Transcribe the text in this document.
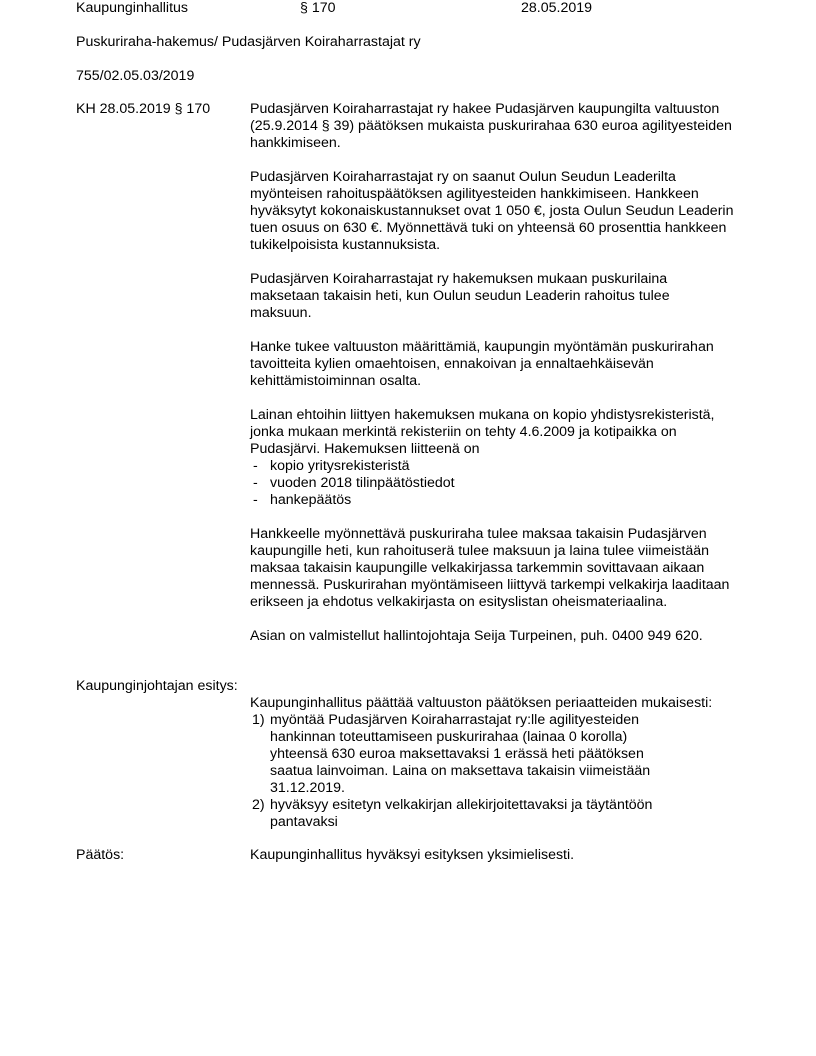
Kaupunginhallitus	§ 170	28.05.2019
Puskuriraha-hakemus/ Pudasjärven Koiraharrastajat ry
755/02.05.03/2019
KH 28.05.2019 § 170	Pudasjärven Koiraharrastajat ry hakee Pudasjärven kaupungilta valtuuston (25.9.2014 § 39) päätöksen mukaista puskurirahaa 630 euroa agilityesteiden hankkimiseen.

Pudasjärven Koiraharrastajat ry on saanut Oulun Seudun Leaderilta myönteisen rahoituspäätöksen agilityesteiden hankkimiseen. Hankkeen hyväksytyt kokonaiskustannukset ovat 1 050 €, josta Oulun Seudun Leaderin tuen osuus on 630 €. Myönnettävä tuki on yhteensä 60 prosenttia hankkeen tukikelpoisista kustannuksista.

Pudasjärven Koiraharrastajat ry hakemuksen mukaan puskurilaina maksetaan takaisin heti, kun Oulun seudun Leaderin rahoitus tulee maksuun.

Hanke tukee valtuuston määrittämiä, kaupungin myöntämän puskurirahan tavoitteita kylien omaehtoisen, ennakoivan ja ennaltaehkäisevän kehittämistoiminnan osalta.

Lainan ehtoihin liittyen hakemuksen mukana on kopio yhdistysrekisteristä, jonka mukaan merkintä rekisteriin on tehty 4.6.2009 ja kotipaikka on Pudasjärvi. Hakemuksen liitteenä on
- kopio yritysrekisteristä
- vuoden 2018 tilinpäätöstiedot
- hankepäätös

Hankkeelle myönnettävä puskuriraha tulee maksaa takaisin Pudasjärven kaupungille heti, kun rahoituserä tulee maksuun ja laina tulee viimeistään maksaa takaisin kaupungille velkakirjassa tarkemmin sovittavaan aikaan mennessä. Puskurirahan myöntämiseen liittyvä tarkempi velkakirja laaditaan erikseen ja ehdotus velkakirjasta on esityslistan oheismateriaalina.

Asian on valmistellut hallintojohtaja Seija Turpeinen, puh. 0400 949 620.

Kaupunginjohtajan esitys:
Kaupunginhallitus päättää valtuuston päätöksen periaatteiden mukaisesti:
1) myöntää Pudasjärven Koiraharrastajat ry:lle agilityesteiden hankinnan toteuttamiseen puskurirahaa (lainaa 0 korolla) yhteensä 630 euroa maksettavaksi 1 erässä heti päätöksen saatua lainvoiman. Laina on maksettava takaisin viimeistään 31.12.2019.
2) hyväksyy esitetyn velkakirjan allekirjoitettavaksi ja täytäntöön pantavaksi
Päätös:	Kaupunginhallitus hyväksyi esityksen yksimielisesti.
